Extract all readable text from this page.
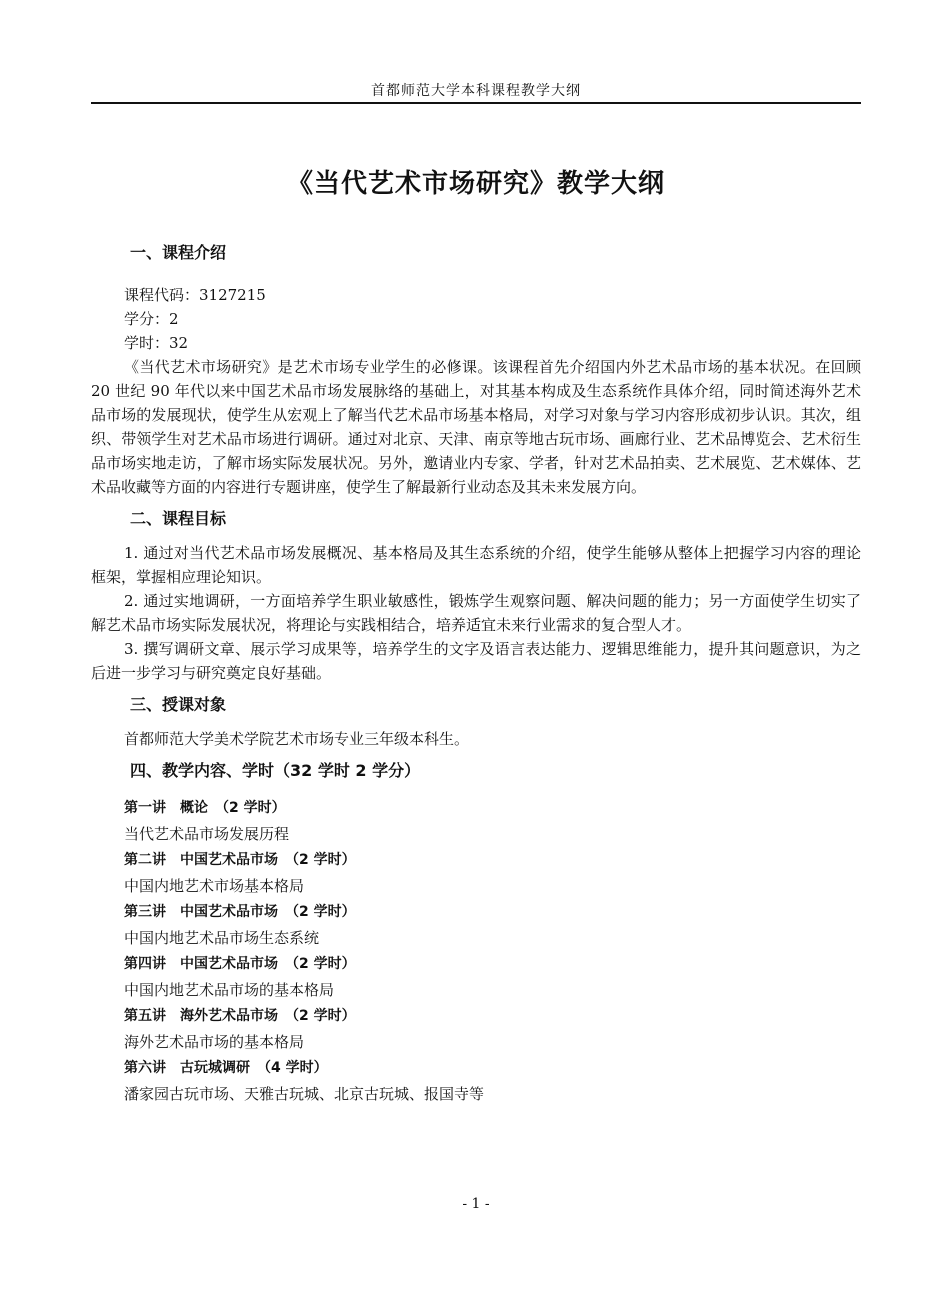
首都师范大学本科课程教学大纲
《当代艺术市场研究》教学大纲

一、课程介绍

课程代码：3127215

学分：2

学时：32

《当代艺术市场研究》是艺术市场专业学生的必修课。该课程首先介绍国内外艺术品市场的基本状况。在回顾 20 世纪 90 年代以来中国艺术品市场发展脉络的基础上，对其基本构成及生态系统作具体介绍，同时简述海外艺术品市场的发展现状，使学生从宏观上了解当代艺术品市场基本格局，对学习对象与学习内容形成初步认识。其次，组织、带领学生对艺术品市场进行调研。通过对北京、天津、南京等地古玩市场、画廊行业、艺术品博览会、艺术衍生品市场实地走访，了解市场实际发展状况。另外，邀请业内专家、学者，针对艺术品拍卖、艺术展览、艺术媒体、艺术品收藏等方面的内容进行专题讲座，使学生了解最新行业动态及其未来发展方向。

二、课程目标

1. 通过对当代艺术品市场发展概况、基本格局及其生态系统的介绍，使学生能够从整体上把握学习内容的理论框架，掌握相应理论知识。

2. 通过实地调研，一方面培养学生职业敏感性，锻炼学生观察问题、解决问题的能力；另一方面使学生切实了解艺术品市场实际发展状况，将理论与实践相结合，培养适宜未来行业需求的复合型人才。

3. 撰写调研文章、展示学习成果等，培养学生的文字及语言表达能力、逻辑思维能力，提升其问题意识，为之后进一步学习与研究奠定良好基础。

三、授课对象

首都师范大学美术学院艺术市场专业三年级本科生。

四、教学内容、学时（32 学时 2 学分）

第一讲　概论　（2 学时）

当代艺术品市场发展历程

第二讲　中国艺术品市场　（2 学时）

中国内地艺术市场基本格局

第三讲　中国艺术品市场　（2 学时）

中国内地艺术品市场生态系统

第四讲　中国艺术品市场　（2 学时）

中国内地艺术品市场的基本格局

第五讲　海外艺术品市场　（2 学时）

海外艺术品市场的基本格局

第六讲　古玩城调研　（4 学时）

潘家园古玩市场、天雅古玩城、北京古玩城、报国寺等

- 1 -
